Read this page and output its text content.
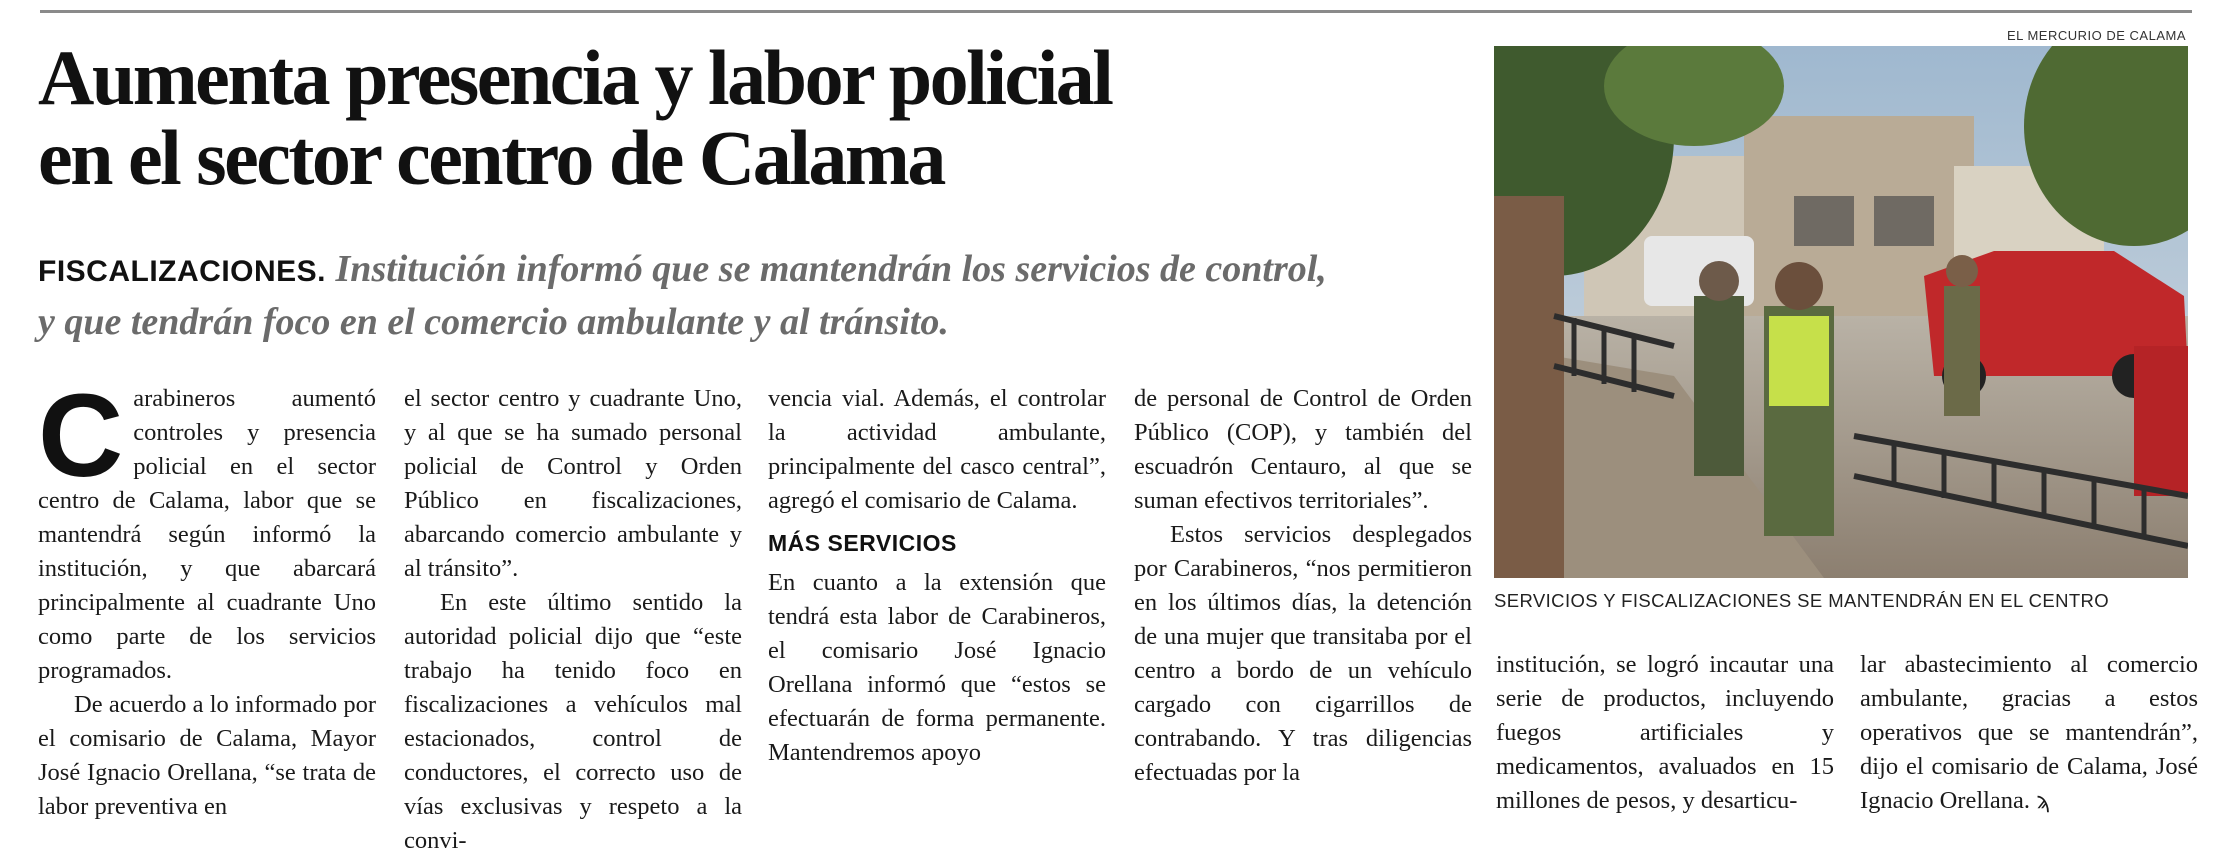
EL MERCURIO DE CALAMA
Aumenta presencia y labor policial
en el sector centro de Calama
FISCALIZACIONES. Institución informó que se mantendrán los servicios de control,
y que tendrán foco en el comercio ambulante y al tránsito.

Carabineros aumentó controles y presencia policial en el sector centro de Calama, labor que se mantendrá según informó la institución, y que abarcará principalmente al cuadrante Uno como parte de los servicios programados.

De acuerdo a lo informado por el comisario de Calama, Mayor José Ignacio Orellana, “se trata de labor preventiva en

el sector centro y cuadrante Uno, y al que se ha sumado personal policial de Control y Orden Público en fiscalizaciones, abarcando comercio ambulante y al tránsito”.

En este último sentido la autoridad policial dijo que “este trabajo ha tenido foco en fiscalizaciones a vehículos mal estacionados, control de conductores, el correcto uso de vías exclusivas y respeto a la convi-

vencia vial. Además, el controlar la actividad ambulante, principalmente del casco central”, agregó el comisario de Calama.

MÁS SERVICIOS

En cuanto a la extensión que tendrá esta labor de Carabineros, el comisario José Ignacio Orellana informó que “estos se efectuarán de forma permanente. Mantendremos apoyo

de personal de Control de Orden Público (COP), y también del escuadrón Centauro, al que se suman efectivos territoriales”.

Estos servicios desplegados por Carabineros, “nos permitieron en los últimos días, la detención de una mujer que transitaba por el centro a bordo de un vehículo cargado con cigarrillos de contrabando. Y tras diligencias efectuadas por la

institución, se logró incautar una serie de productos, incluyendo fuegos artificiales y medicamentos, avaluados en 15 millones de pesos, y desarticu-

lar abastecimiento al comercio ambulante, gracias a estos operativos que se mantendrán”, dijo el comisario de Calama, José Ignacio Orellana. ϡ

SERVICIOS Y FISCALIZACIONES SE MANTENDRÁN EN EL CENTRO
